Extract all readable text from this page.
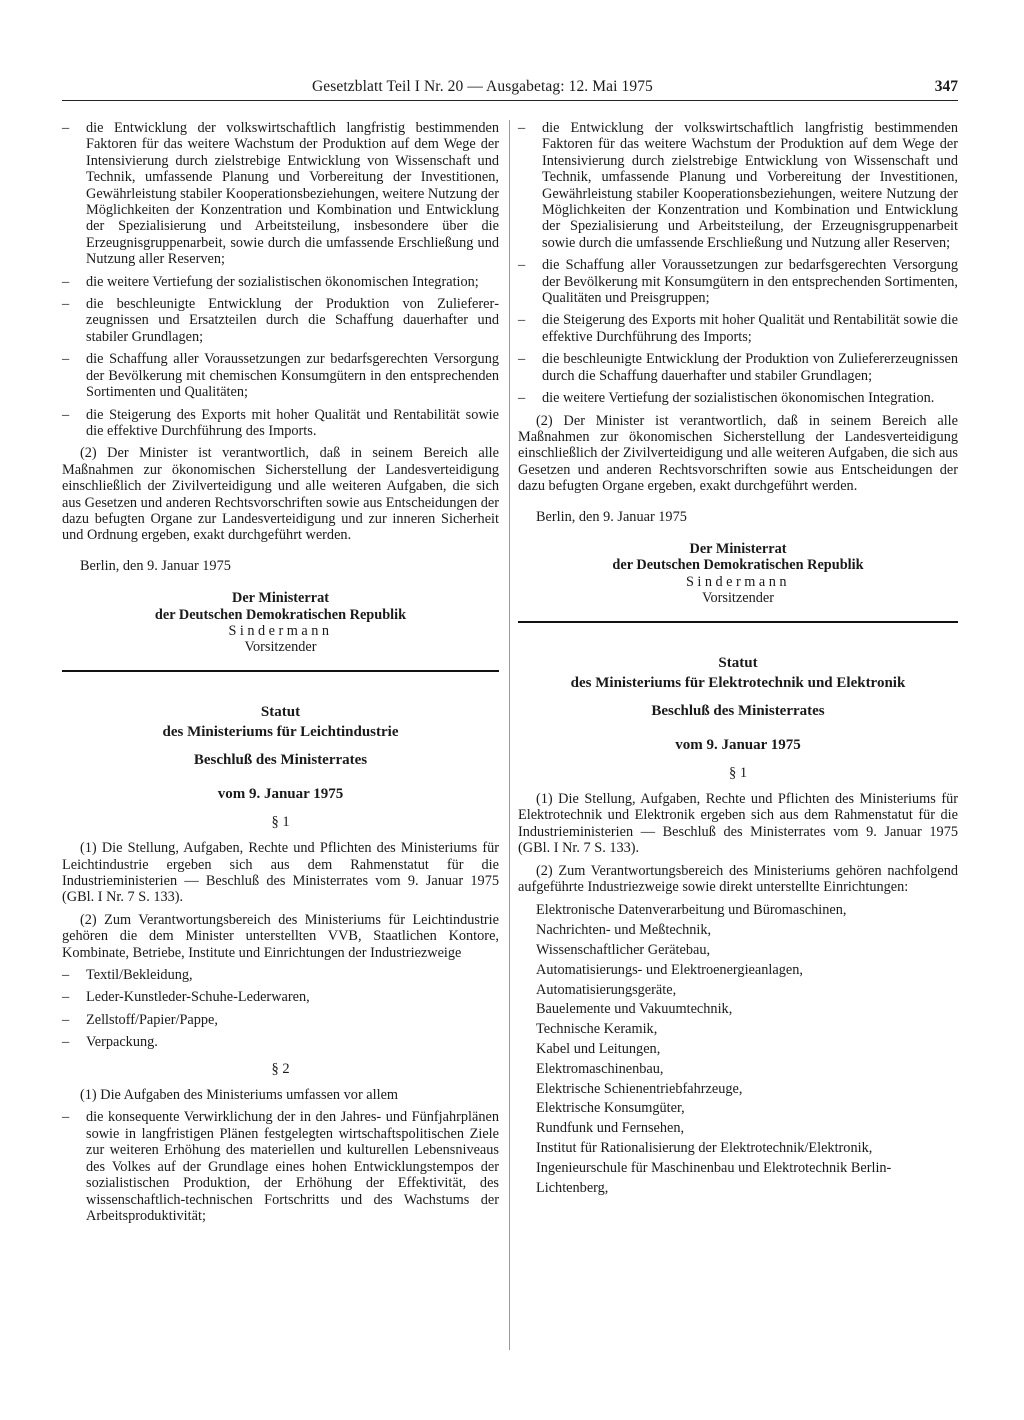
Gesetzblatt Teil I Nr. 20 — Ausgabetag: 12. Mai 1975	347
– die Entwicklung der volkswirtschaftlich langfristig bestimmenden Faktoren für das weitere Wachstum der Produktion auf dem Wege der Intensivierung durch zielstrebige Entwicklung von Wissenschaft und Technik, umfassende Planung und Vorbereitung der Investitionen, Gewährleistung stabiler Kooperationsbeziehungen, weitere Nutzung der Möglichkeiten der Konzentration und Kombination und Entwicklung der Spezialisierung und Arbeitsteilung, insbesondere über die Erzeugnisgruppenarbeit, sowie durch die umfassende Erschließung und Nutzung aller Reserven;
– die weitere Vertiefung der sozialistischen ökonomischen Integration;
– die beschleunigte Entwicklung der Produktion von Zuliefererzeugnissen und Ersatzteilen durch die Schaffung dauerhafter und stabiler Grundlagen;
– die Schaffung aller Voraussetzungen zur bedarfsgerechten Versorgung der Bevölkerung mit chemischen Konsumgütern in den entsprechenden Sortimenten und Qualitäten;
– die Steigerung des Exports mit hoher Qualität und Rentabilität sowie die effektive Durchführung des Imports.

(2) Der Minister ist verantwortlich, daß in seinem Bereich alle Maßnahmen zur ökonomischen Sicherstellung der Landesverteidigung einschließlich der Zivilverteidigung und alle weiteren Aufgaben, die sich aus Gesetzen und anderen Rechtsvorschriften sowie aus Entscheidungen der dazu befugten Organe zur Landesverteidigung und zur inneren Sicherheit und Ordnung ergeben, exakt durchgeführt werden.

Berlin, den 9. Januar 1975

Der Ministerrat

der Deutschen Demokratischen Republik

Sindermann

Vorsitzender

Statut

des Ministeriums für Leichtindustrie

Beschluß des Ministerrates

vom 9. Januar 1975

§ 1

(1) Die Stellung, Aufgaben, Rechte und Pflichten des Ministeriums für Leichtindustrie ergeben sich aus dem Rahmenstatut für die Industrieministerien — Beschluß des Ministerrates vom 9. Januar 1975 (GBl. I Nr. 7 S. 133).

(2) Zum Verantwortungsbereich des Ministeriums für Leichtindustrie gehören die dem Minister unterstellten VVB, Staatlichen Kontore, Kombinate, Betriebe, Institute und Einrichtungen der Industriezweige

– Textil/Bekleidung,
– Leder-Kunstleder-Schuhe-Lederwaren,
– Zellstoff/Papier/Pappe,
– Verpackung.

§ 2

(1) Die Aufgaben des Ministeriums umfassen vor allem

– die konsequente Verwirklichung der in den Jahres- und Fünfjahrplänen sowie in langfristigen Plänen festgelegten wirtschaftspolitischen Ziele zur weiteren Erhöhung des materiellen und kulturellen Lebensniveaus des Volkes auf der Grundlage eines hohen Entwicklungstempos der sozialistischen Produktion, der Erhöhung der Effektivität, des wissenschaftlich-technischen Fortschritts und des Wachstums der Arbeitsproduktivität;
– die Entwicklung der volkswirtschaftlich langfristig bestimmenden Faktoren für das weitere Wachstum der Produktion auf dem Wege der Intensivierung durch zielstrebige Entwicklung von Wissenschaft und Technik, umfassende Planung und Vorbereitung der Investitionen, Gewährleistung stabiler Kooperationsbeziehungen, weitere Nutzung der Möglichkeiten der Konzentration und Kombination und Entwicklung der Spezialisierung und Arbeitsteilung, der Erzeugnisgruppenarbeit sowie durch die umfassende Erschließung und Nutzung aller Reserven;
– die Schaffung aller Voraussetzungen zur bedarfsgerechten Versorgung der Bevölkerung mit Konsumgütern in den entsprechenden Sortimenten, Qualitäten und Preisgruppen;
– die Steigerung des Exports mit hoher Qualität und Rentabilität sowie die effektive Durchführung des Imports;
– die beschleunigte Entwicklung der Produktion von Zuliefererzeugnissen durch die Schaffung dauerhafter und stabiler Grundlagen;
– die weitere Vertiefung der sozialistischen ökonomischen Integration.

(2) Der Minister ist verantwortlich, daß in seinem Bereich alle Maßnahmen zur ökonomischen Sicherstellung der Landesverteidigung einschließlich der Zivilverteidigung und alle weiteren Aufgaben, die sich aus Gesetzen und anderen Rechtsvorschriften sowie aus Entscheidungen der dazu befugten Organe ergeben, exakt durchgeführt werden.

Berlin, den 9. Januar 1975

Der Ministerrat

der Deutschen Demokratischen Republik

Sindermann

Vorsitzender

Statut

des Ministeriums für Elektrotechnik und Elektronik

Beschluß des Ministerrates

vom 9. Januar 1975

§ 1

(1) Die Stellung, Aufgaben, Rechte und Pflichten des Ministeriums für Elektrotechnik und Elektronik ergeben sich aus dem Rahmenstatut für die Industrieministerien — Beschluß des Ministerrates vom 9. Januar 1975 (GBl. I Nr. 7 S. 133).

(2) Zum Verantwortungsbereich des Ministeriums gehören nachfolgend aufgeführte Industriezweige sowie direkt unterstellte Einrichtungen:

Elektronische Datenverarbeitung und Büromaschinen,

Nachrichten- und Meßtechnik,

Wissenschaftlicher Gerätebau,

Automatisierungs- und Elektroenergieanlagen,

Automatisierungsgeräte,

Bauelemente und Vakuumtechnik,

Technische Keramik,

Kabel und Leitungen,

Elektromaschinenbau,

Elektrische Schienentriebfahrzeuge,

Elektrische Konsumgüter,

Rundfunk und Fernsehen,

Institut für Rationalisierung der Elektrotechnik/Elektronik,

Ingenieurschule für Maschinenbau und Elektrotechnik Berlin-Lichtenberg,
